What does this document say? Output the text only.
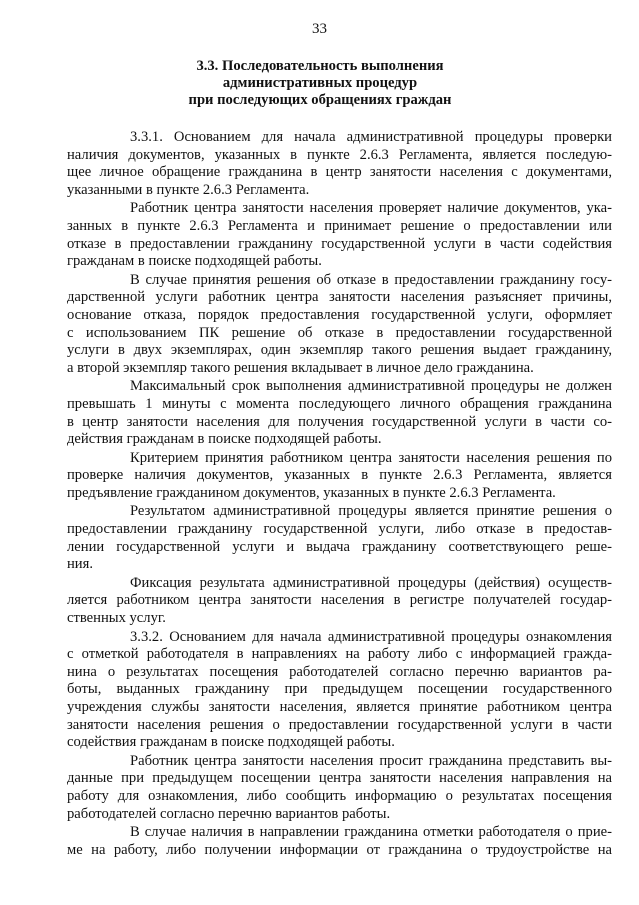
33
3.3. Последовательность выполнения
административных процедур
при последующих обращениях граждан

3.3.1. Основанием для начала административной процедуры проверки
наличия документов, указанных в пункте 2.6.3 Регламента, является последую-
щее личное обращение гражданина в центр занятости населения с документами,
указанными в пункте 2.6.3 Регламента.

Работник центра занятости населения проверяет наличие документов, ука-
занных в пункте 2.6.3 Регламента и принимает решение о предоставлении или
отказе в предоставлении гражданину государственной услуги в части содействия
гражданам в поиске подходящей работы.

В случае принятия решения об отказе в предоставлении гражданину госу-
дарственной услуги работник центра занятости населения разъясняет причины,
основание отказа, порядок предоставления государственной услуги, оформляет
с использованием ПК решение об отказе в предоставлении государственной
услуги в двух экземплярах, один экземпляр такого решения выдает гражданину,
а второй экземпляр такого решения вкладывает в личное дело гражданина.

Максимальный срок выполнения административной процедуры не должен
превышать 1 минуты с момента последующего личного обращения гражданина
в центр занятости населения для получения государственной услуги в части со-
действия гражданам в поиске подходящей работы.

Критерием принятия работником центра занятости населения решения по
проверке наличия документов, указанных в пункте 2.6.3 Регламента, является
предъявление гражданином документов, указанных в пункте 2.6.3 Регламента.

Результатом административной процедуры является принятие решения о
предоставлении гражданину государственной услуги, либо отказе в предостав-
лении государственной услуги и выдача гражданину соответствующего реше-
ния.

Фиксация результата административной процедуры (действия) осуществ-
ляется работником центра занятости населения в регистре получателей государ-
ственных услуг.

3.3.2. Основанием для начала административной процедуры ознакомления
с отметкой работодателя в направлениях на работу либо с информацией гражда-
нина о результатах посещения работодателей согласно перечню вариантов ра-
боты, выданных гражданину при предыдущем посещении государственного
учреждения службы занятости населения, является принятие работником центра
занятости населения решения о предоставлении государственной услуги в части
содействия гражданам в поиске подходящей работы.

Работник центра занятости населения просит гражданина представить вы-
данные при предыдущем посещении центра занятости населения направления на
работу для ознакомления, либо сообщить информацию о результатах посещения
работодателей согласно перечню вариантов работы.

В случае наличия в направлении гражданина отметки работодателя о прие-
ме на работу, либо получении информации от гражданина о трудоустройстве на
